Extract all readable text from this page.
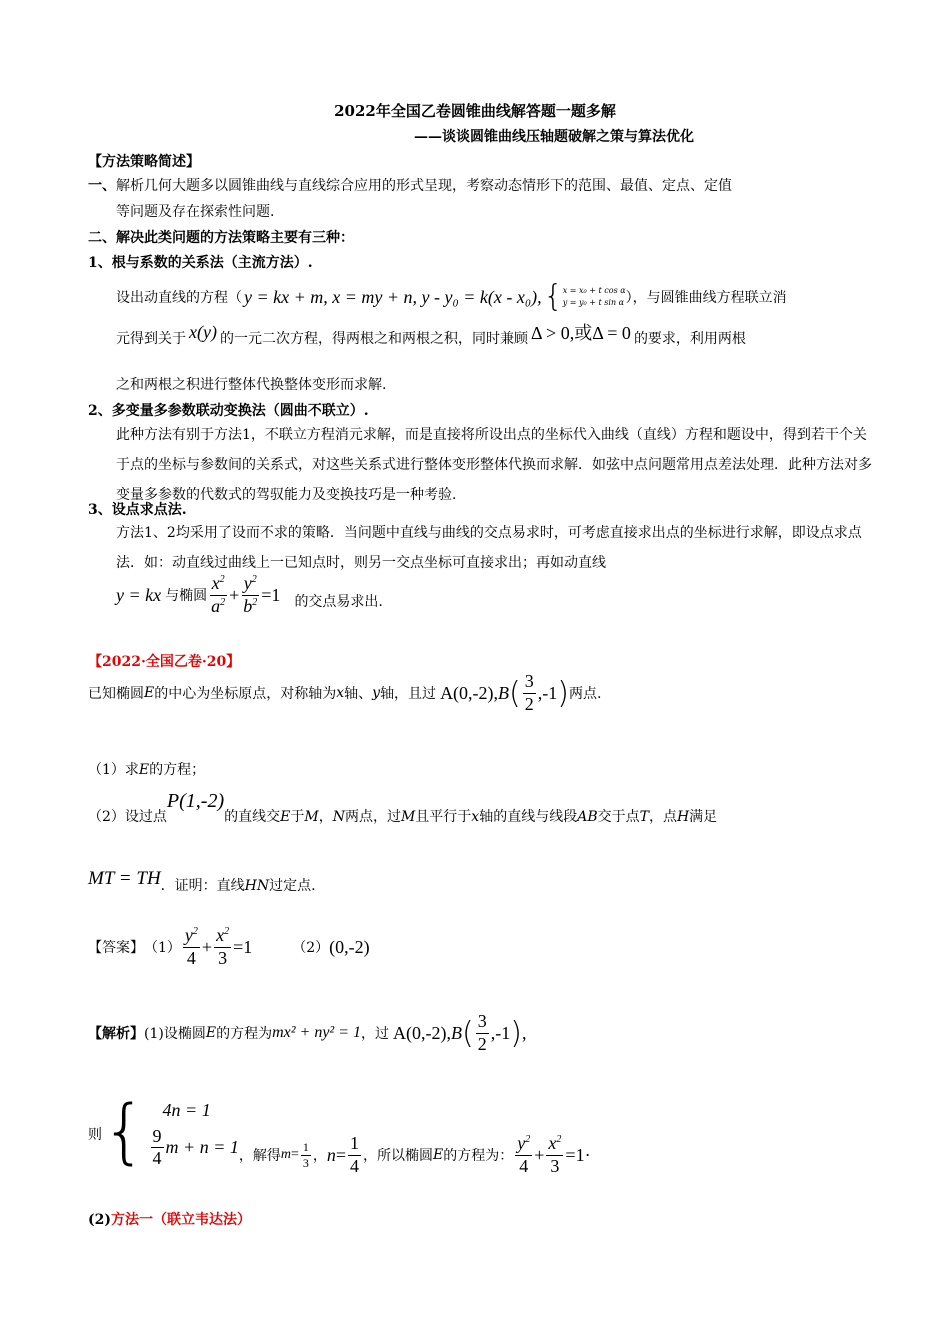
2022年全国乙卷圆锥曲线解答题一题多解
——谈谈圆锥曲线压轴题破解之策与算法优化
【方法策略简述】
一、解析几何大题多以圆锥曲线与直线综合应用的形式呈现，考察动态情形下的范围、最值、定点、定值
等问题及存在探索性问题.
二、解决此类问题的方法策略主要有三种：
1、根与系数的关系法（主流方法）.
设出动直线的方程（ y = kx + m, x = my + n, y - y₀ = k(x - x₀), { x = x₀ + t cos α
y = y₀ + t sin α ），与圆锥曲线方程联立消
元得到关于 x(y) 的一元二次方程，得两根之和两根之积，同时兼顾 Δ > 0,或Δ = 0 的要求，利用两根
之和两根之积进行整体代换整体变形而求解.
2、多变量多参数联动变换法（圆曲不联立）.
此种方法有别于方法1，不联立方程消元求解，而是直接将所设出点的坐标代入曲线（直线）方程和题设中，得到若干个关于点的坐标与参数间的关系式，对这些关系式进行整体变形整体代换而求解．如弦中点问题常用点差法处理．此种方法对多变量多参数的代数式的驾驭能力及变换技巧是一种考验.
3、设点求点法.
方法1、2均采用了设而不求的策略．当问题中直线与曲线的交点易求时，可考虑直接求出点的坐标进行求解，即设点求点法．如：动直线过曲线上一已知点时，则另一交点坐标可直接求出；再如动直线
y = kx 与椭圆 $\frac{x^2}{a^2} + \frac{y^2}{b^2} =1$ 的交点易求出.
【2022·全国乙卷·20】
已知椭圆 E 的中心为坐标原点，对称轴为 x 轴、 y 轴，且过 A(0,-2), B ( $\frac{3}{2} ,-1$ ) 两点.
（1）求E的方程；
（2）设过点
P(1,-2)
的直线交E于M，N两点，过M且平行于x轴的直线与线段AB交于点T，点H满足
MT = TH ．证明：直线HN过定点.
【答案】 $(1) \frac{y^2}{4} + \frac{x^2}{3} =1$	（2） (0,-2)
【解析】 (1)设椭圆 E 的方程为 mx² + ny² = 1 ，过 A(0,-2), B ( $\frac{3}{2} ,-1$ ) ,
则 { 4n = 1
$\frac{9}{4}$ m + n = 1 ，解得 $m = \frac{1}{3}$ ， $n = \frac{1}{4}$ ，所以椭圆 E 的方程为： $\frac{y^2}{4} + \frac{x^2}{3} =1\cdot$
(2)方法一（联立韦达法）
